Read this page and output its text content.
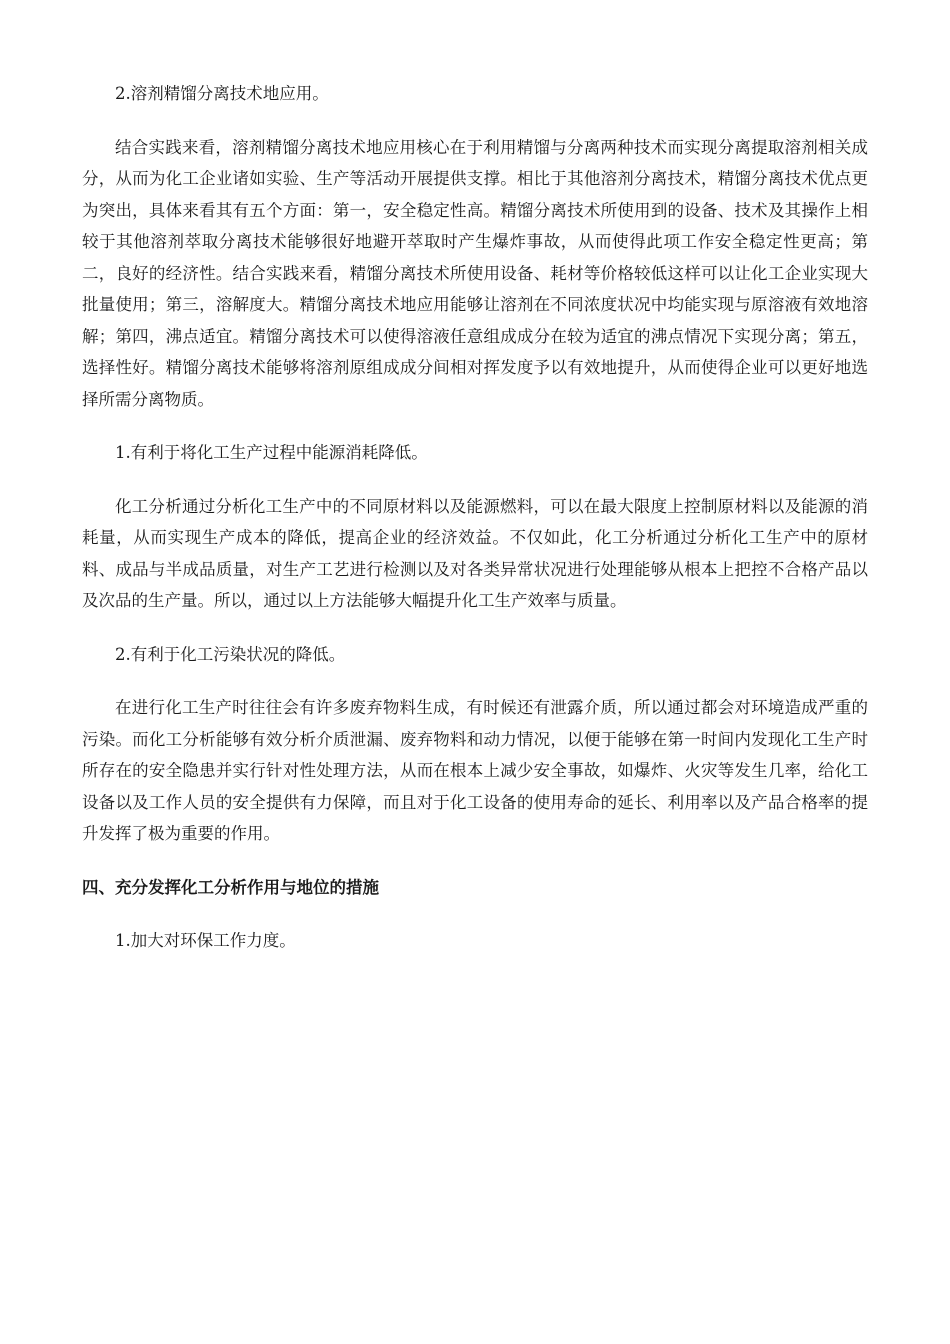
2.溶剂精馏分离技术地应用。

结合实践来看，溶剂精馏分离技术地应用核心在于利用精馏与分离两种技术而实现分离提取溶剂相关成分，从而为化工企业诸如实验、生产等活动开展提供支撑。相比于其他溶剂分离技术，精馏分离技术优点更为突出，具体来看其有五个方面：第一，安全稳定性高。精馏分离技术所使用到的设备、技术及其操作上相较于其他溶剂萃取分离技术能够很好地避开萃取时产生爆炸事故，从而使得此项工作安全稳定性更高；第二，良好的经济性。结合实践来看，精馏分离技术所使用设备、耗材等价格较低这样可以让化工企业实现大批量使用；第三，溶解度大。精馏分离技术地应用能够让溶剂在不同浓度状况中均能实现与原溶液有效地溶解；第四，沸点适宜。精馏分离技术可以使得溶液任意组成成分在较为适宜的沸点情况下实现分离；第五，选择性好。精馏分离技术能够将溶剂原组成成分间相对挥发度予以有效地提升，从而使得企业可以更好地选择所需分离物质。

1.有利于将化工生产过程中能源消耗降低。

化工分析通过分析化工生产中的不同原材料以及能源燃料，可以在最大限度上控制原材料以及能源的消耗量，从而实现生产成本的降低，提高企业的经济效益。不仅如此，化工分析通过分析化工生产中的原材料、成品与半成品质量，对生产工艺进行检测以及对各类异常状况进行处理能够从根本上把控不合格产品以及次品的生产量。所以，通过以上方法能够大幅提升化工生产效率与质量。

2.有利于化工污染状况的降低。

在进行化工生产时往往会有许多废弃物料生成，有时候还有泄露介质，所以通过都会对环境造成严重的污染。而化工分析能够有效分析介质泄漏、废弃物料和动力情况，以便于能够在第一时间内发现化工生产时所存在的安全隐患并实行针对性处理方法，从而在根本上减少安全事故，如爆炸、火灾等发生几率，给化工设备以及工作人员的安全提供有力保障，而且对于化工设备的使用寿命的延长、利用率以及产品合格率的提升发挥了极为重要的作用。

四、充分发挥化工分析作用与地位的措施

1.加大对环保工作力度。
